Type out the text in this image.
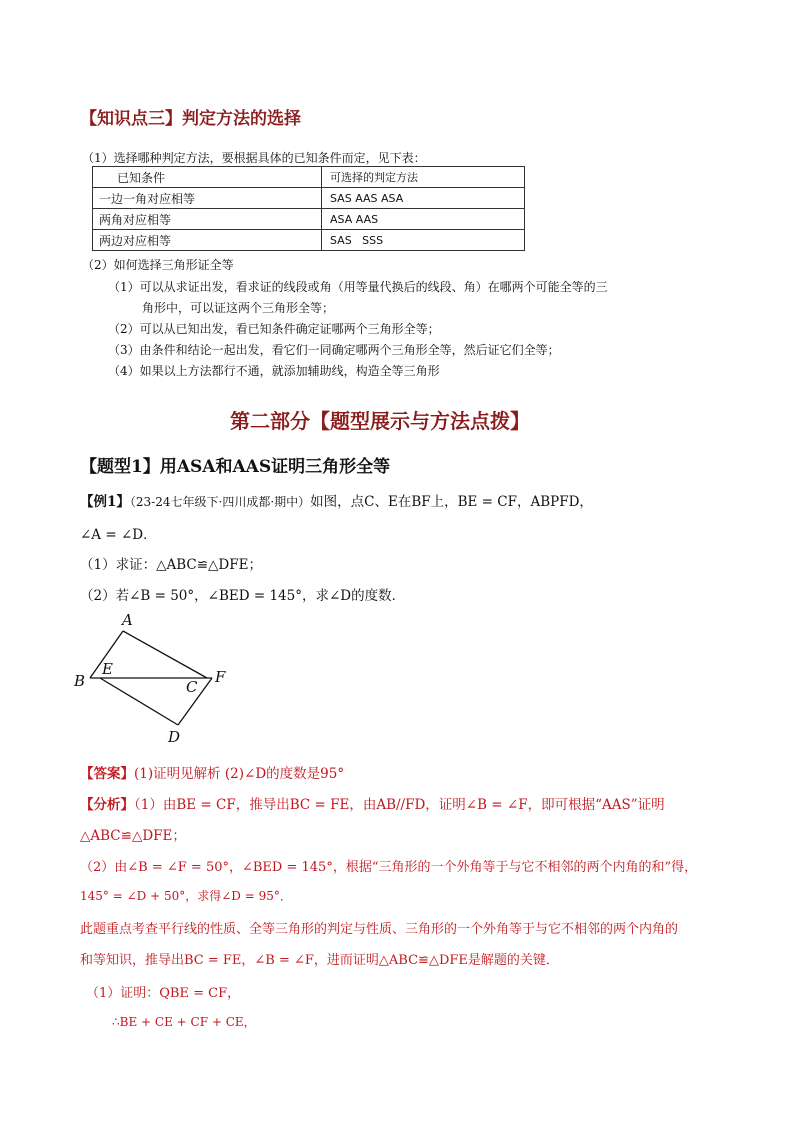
【知识点三】判定方法的选择
（1）选择哪种判定方法，要根据具体的已知条件而定，见下表：
已知条件	可选择的判定方法
一边一角对应相等	SAS AAS ASA
两角对应相等	ASA AAS
两边对应相等	SAS   SSS
（2）如何选择三角形证全等
（1）可以从求证出发，看求证的线段或角（用等量代换后的线段、角）在哪两个可能全等的三
角形中，可以证这两个三角形全等；
（2）可以从已知出发，看已知条件确定证哪两个三角形全等；
（3）由条件和结论一起出发，看它们一同确定哪两个三角形全等，然后证它们全等；
（4）如果以上方法都行不通，就添加辅助线，构造全等三角形
第二部分【题型展示与方法点拨】
【题型1】用ASA和AAS证明三角形全等
【例1】（23-24七年级下·四川成都·期中）如图，点C、E在BF上，BE = CF，ABPFD，
∠A = ∠D．
（1）求证：△ABC≌△DFE；
（2）若∠B = 50°，∠BED = 145°，求∠D的度数．
A
B
E
C
F
D
【答案】(1)证明见解析 (2)∠D的度数是95°
【分析】（1）由BE = CF，推导出BC = FE，由AB//FD，证明∠B = ∠F，即可根据“AAS”证明
△ABC≌△DFE；
（2）由∠B = ∠F = 50°，∠BED = 145°，根据“三角形的一个外角等于与它不相邻的两个内角的和”得，
145° = ∠D + 50°，求得∠D = 95°．
此题重点考查平行线的性质、全等三角形的判定与性质、三角形的一个外角等于与它不相邻的两个内角的
和等知识，推导出BC = FE，∠B = ∠F，进而证明△ABC≌△DFE是解题的关键．
（1）证明：QBE = CF，
∴BE + CE + CF + CE，
